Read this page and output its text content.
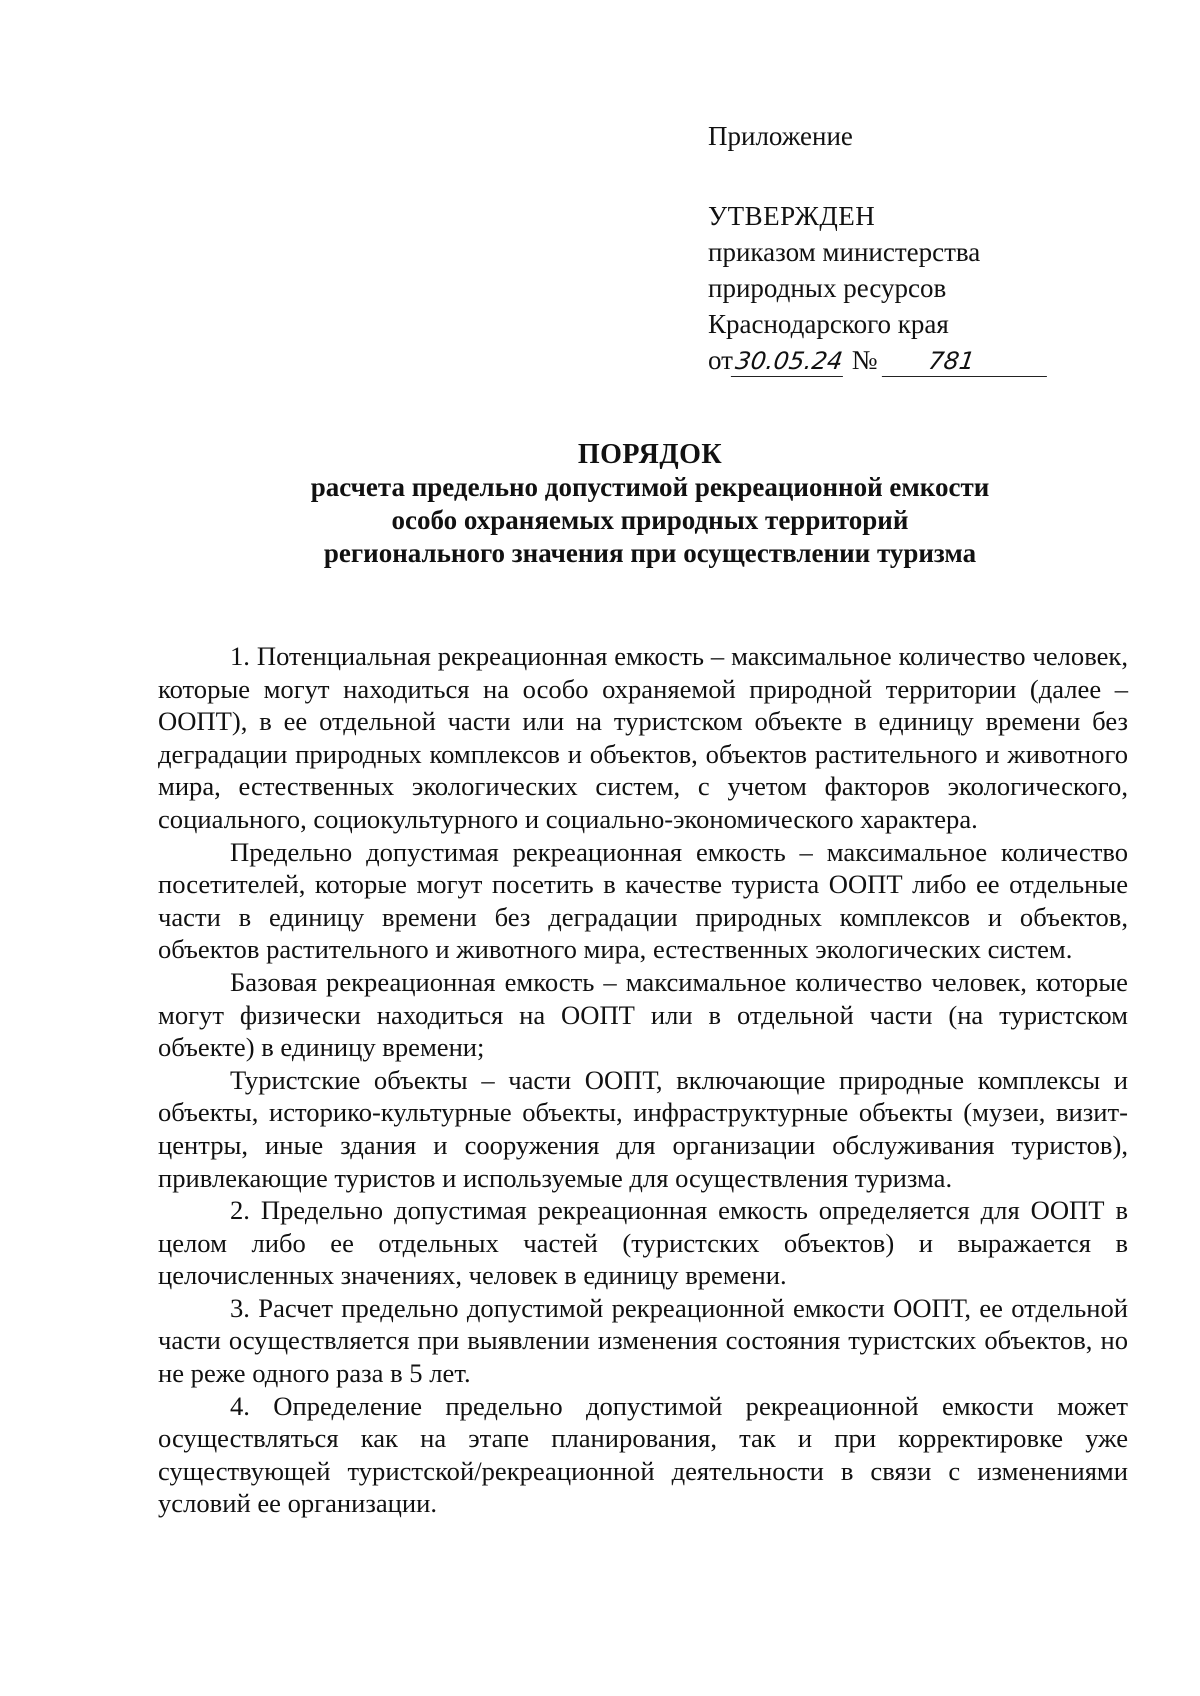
Приложение

УТВЕРЖДЕН

приказом министерства

природных ресурсов

Краснодарского края

от30.05.24 № 781

ПОРЯДОК

расчета предельно допустимой рекреационной емкости

особо охраняемых природных территорий

регионального значения при осуществлении туризма

1. Потенциальная рекреационная емкость – максимальное количество человек, которые могут находиться на особо охраняемой природной территории (далее – ООПТ), в ее отдельной части или на туристском объекте в единицу времени без деградации природных комплексов и объектов, объектов растительного и животного мира, естественных экологических систем, с учетом факторов экологического, социального, социокультурного и социально-экономического характера.

Предельно допустимая рекреационная емкость – максимальное количество посетителей, которые могут посетить в качестве туриста ООПТ либо ее отдельные части в единицу времени без деградации природных комплексов и объектов, объектов растительного и животного мира, естественных экологических систем.

Базовая рекреационная емкость – максимальное количество человек, которые могут физически находиться на ООПТ или в отдельной части (на туристском объекте) в единицу времени;

Туристские объекты – части ООПТ, включающие природные комплексы и объекты, историко-культурные объекты, инфраструктурные объекты (музеи, визит-центры, иные здания и сооружения для организации обслуживания туристов), привлекающие туристов и используемые для осуществления туризма.

2. Предельно допустимая рекреационная емкость определяется для ООПТ в целом либо ее отдельных частей (туристских объектов) и выражается в целочисленных значениях, человек в единицу времени.

3. Расчет предельно допустимой рекреационной емкости ООПТ, ее отдельной части осуществляется при выявлении изменения состояния туристских объектов, но не реже одного раза в 5 лет.

4. Определение предельно допустимой рекреационной емкости может осуществляться как на этапе планирования, так и при корректировке уже существующей туристской/рекреационной деятельности в связи с изменениями условий ее организации.
